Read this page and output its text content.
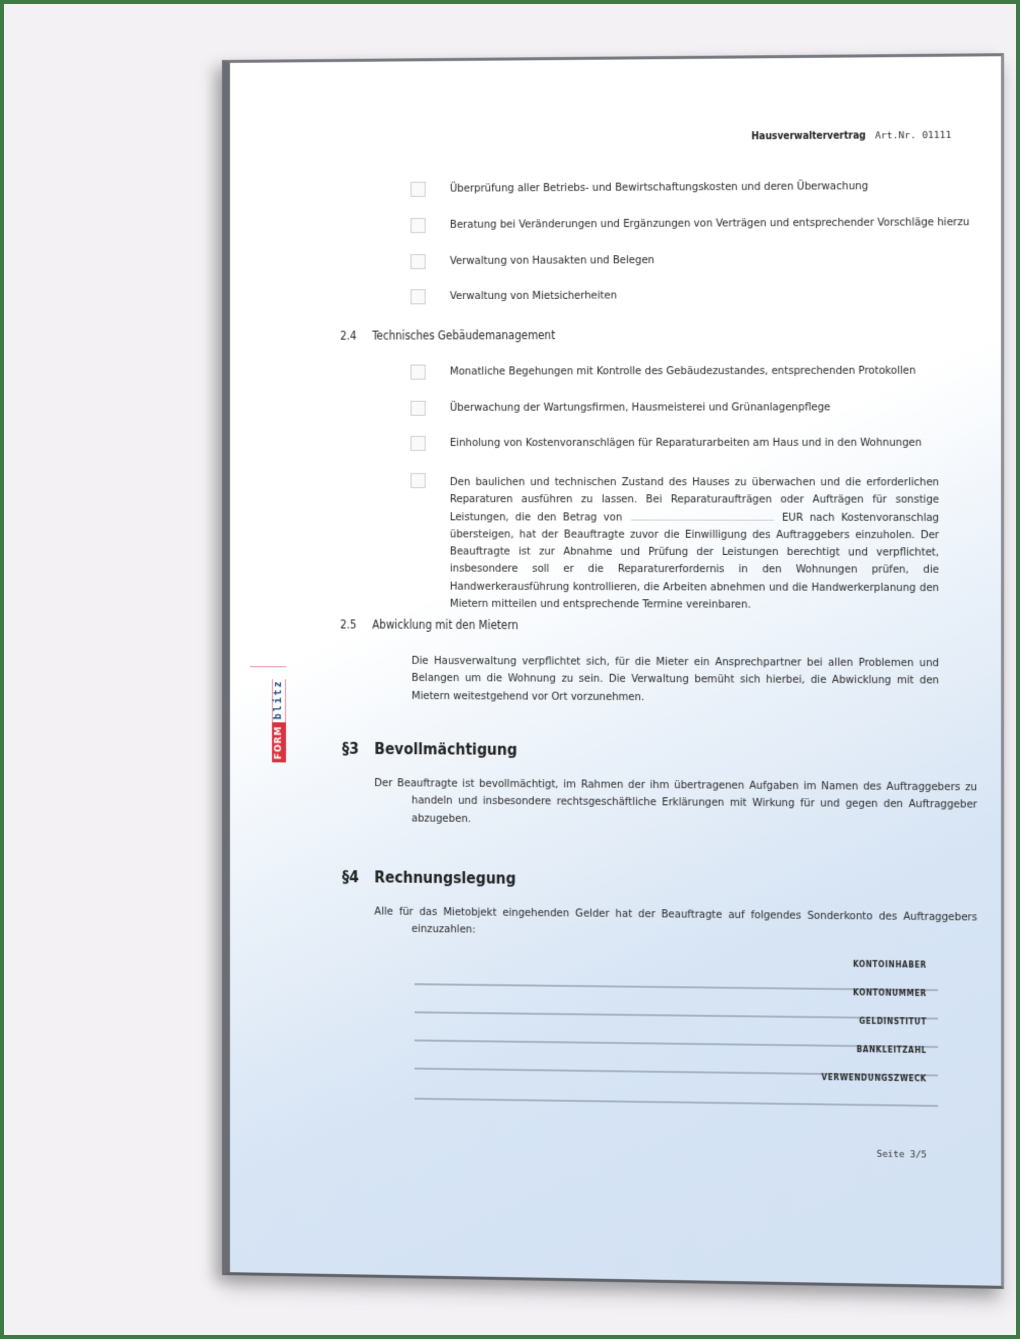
Hausverwaltervertrag Art.Nr. 01111
Überprüfung aller Betriebs- und Bewirtschaftungskosten und deren Überwachung
Beratung bei Veränderungen und Ergänzungen von Verträgen und entsprechender Vorschläge hierzu
Verwaltung von Hausakten und Belegen
Verwaltung von Mietsicherheiten
2.4 Technisches Gebäudemanagement
Monatliche Begehungen mit Kontrolle des Gebäudezustandes, entsprechenden Protokollen
Überwachung der Wartungsfirmen, Hausmeisterei und Grünanlagenpflege
Einholung von Kostenvoranschlägen für Reparaturarbeiten am Haus und in den Wohnungen
Den baulichen und technischen Zustand des Hauses zu überwachen und die erforderlichen Reparaturen ausführen zu lassen. Bei Reparaturaufträgen oder Aufträgen für sonstige Leistungen, die den Betrag von	EUR nach Kostenvoranschlag übersteigen, hat der Beauftragte zuvor die Einwilligung des Auftraggebers einzuholen. Der Beauftragte ist zur Abnahme und Prüfung der Leistungen berechtigt und verpflichtet, insbesondere soll er die Reparaturerfordernis in den Wohnungen prüfen, die Handwerkerausführung kontrollieren, die Arbeiten abnehmen und die Handwerkerplanung den Mietern mitteilen und entsprechende Termine vereinbaren.
2.5 Abwicklung mit den Mietern
Die Hausverwaltung verpflichtet sich, für die Mieter ein Ansprechpartner bei allen Problemen und Belangen um die Wohnung zu sein. Die Verwaltung bemüht sich hierbei, die Abwicklung mit den Mietern weitestgehend vor Ort vorzunehmen.
§3 Bevollmächtigung
Der Beauftragte ist bevollmächtigt, im Rahmen der ihm übertragenen Aufgaben im Namen des Auftraggebers zu handeln und insbesondere rechtsgeschäftliche Erklärungen mit Wirkung für und gegen den Auftraggeber abzugeben.
§4 Rechnungslegung
Alle für das Mietobjekt eingehenden Gelder hat der Beauftragte auf folgendes Sonderkonto des Auftraggebers einzuzahlen:
KONTOINHABER
KONTONUMMER
GELDINSTITUT
BANKLEITZAHL
VERWENDUNGSZWECK
Seite 3/5
FORM
blitz
